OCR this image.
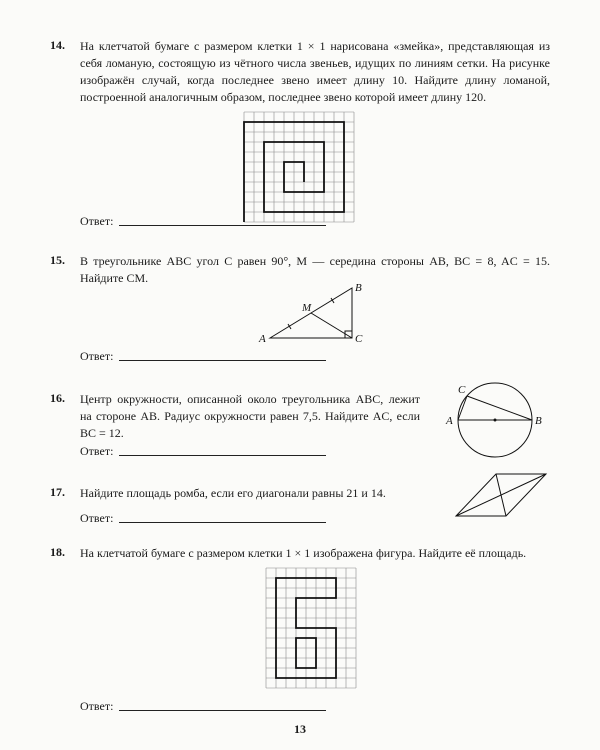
14. На клетчатой бумаге с размером клетки 1 × 1 нарисована «змейка», представляющая из себя ломаную, состоящую из чётного числа звеньев, идущих по линиям сетки. На рисунке изображён случай, когда последнее звено имеет длину 10. Найдите длину ломаной, построенной аналогичным образом, последнее звено которой имеет длину 120.

Ответ:
15. В треугольнике ABC угол C равен 90°, M — середина стороны AB, BC = 8, AC = 15. Найдите CM.

A
B
C
M
Ответ:
16. Центр окружности, описанной около треугольника ABC, лежит на стороне AB. Радиус окружности равен 7,5. Найдите AC, если BC = 12.

A	B
C
Ответ:
17. Найдите площадь ромба, если его диагонали равны 21 и 14.

Ответ:
18. На клетчатой бумаге с размером клетки 1 × 1 изображена фигура. Найдите её площадь.

Ответ:
13
